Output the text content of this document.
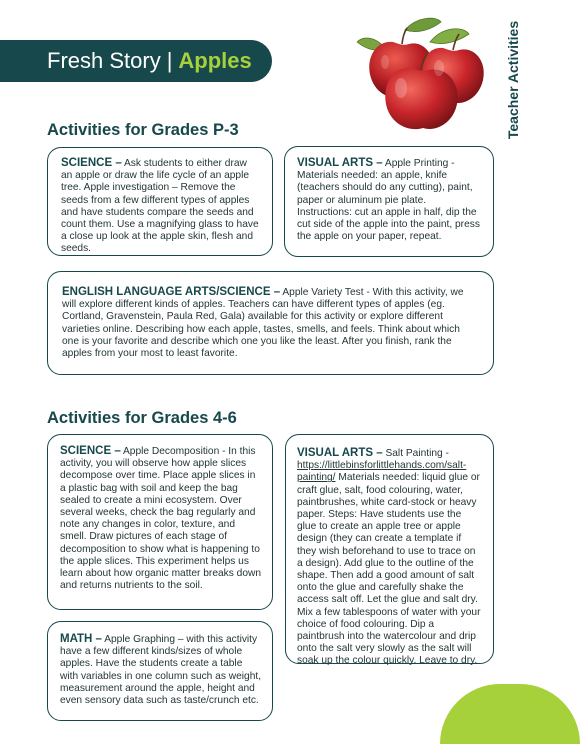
Fresh Story | Apples	Teacher Activities
Activities for Grades P-3
SCIENCE – Ask students to either draw an apple or draw the life cycle of an apple tree. Apple investigation – Remove the seeds from a few different types of apples and have students compare the seeds and count them. Use a magnifying glass to have a close up look at the apple skin, flesh and seeds.
VISUAL ARTS – Apple Printing - Materials needed: an apple, knife (teachers should do any cutting), paint, paper or aluminum pie plate. Instructions: cut an apple in half, dip the cut side of the apple into the paint, press the apple on your paper, repeat.
ENGLISH LANGUAGE ARTS/SCIENCE – Apple Variety Test - With this activity, we will explore different kinds of apples. Teachers can have different types of apples (eg. Cortland, Gravenstein, Paula Red, Gala) available for this activity or explore different varieties online. Describing how each apple, tastes, smells, and feels. Think about which one is your favorite and describe which one you like the least. After you finish, rank the apples from your most to least favorite.
Activities for Grades 4-6
SCIENCE – Apple Decomposition - In this activity, you will observe how apple slices decompose over time. Place apple slices in a plastic bag with soil and keep the bag sealed to create a mini ecosystem. Over several weeks, check the bag regularly and note any changes in color, texture, and smell. Draw pictures of each stage of decomposition to show what is happening to the apple slices. This experiment helps us learn about how organic matter breaks down and returns nutrients to the soil.
VISUAL ARTS – Salt Painting - https://littlebinsforlittlehands.com/salt-painting/ Materials needed: liquid glue or craft glue, salt, food colouring, water, paintbrushes, white card-stock or heavy paper. Steps: Have students use the glue to create an apple tree or apple design (they can create a template if they wish beforehand to use to trace on a design). Add glue to the outline of the shape. Then add a good amount of salt onto the glue and carefully shake the access salt off. Let the glue and salt dry. Mix a few tablespoons of water with your choice of food colouring. Dip a paintbrush into the watercolour and drip onto the salt very slowly as the salt will soak up the colour quickly. Leave to dry.
MATH – Apple Graphing – with this activity have a few different kinds/sizes of whole apples. Have the students create a table with variables in one column such as weight, measurement around the apple, height and even sensory data such as taste/crunch etc.
